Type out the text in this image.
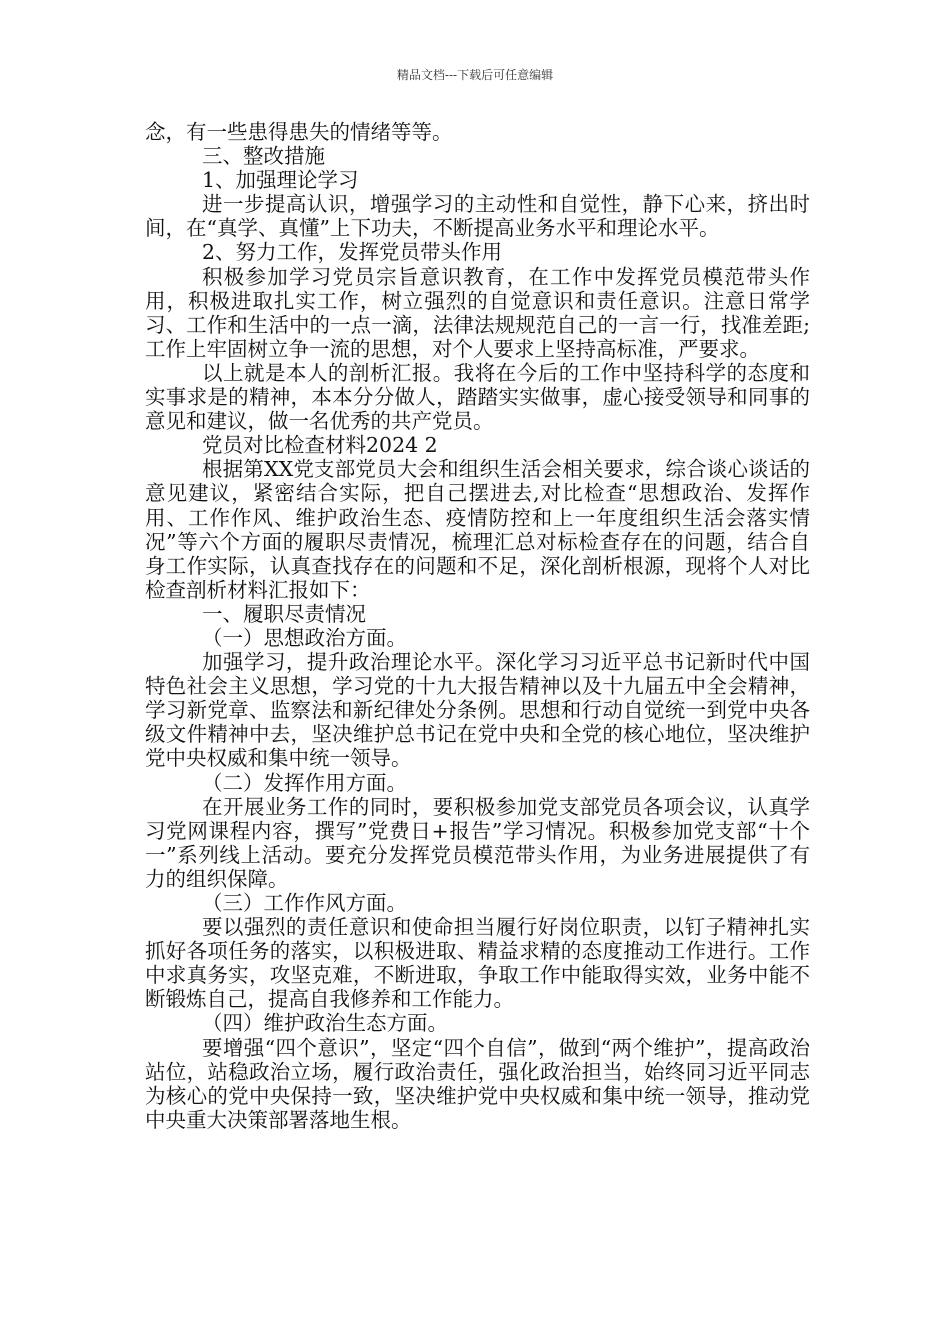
精品文档---下载后可任意编辑

念，有一些患得患失的情绪等等。

三、整改措施

1、加强理论学习

进一步提高认识，增强学习的主动性和自觉性，静下心来，挤出时间，在“真学、真懂”上下功夫，不断提高业务水平和理论水平。

2、努力工作，发挥党员带头作用

积极参加学习党员宗旨意识教育，在工作中发挥党员模范带头作用，积极进取扎实工作，树立强烈的自觉意识和责任意识。注意日常学习、工作和生活中的一点一滴，法律法规规范自己的一言一行，找准差距;工作上牢固树立争一流的思想，对个人要求上坚持高标准，严要求。

以上就是本人的剖析汇报。我将在今后的工作中坚持科学的态度和实事求是的精神，本本分分做人，踏踏实实做事，虚心接受领导和同事的意见和建议，做一名优秀的共产党员。

党员对比检查材料2024 2

根据第XX党支部党员大会和组织生活会相关要求，综合谈心谈话的意见建议，紧密结合实际，把自己摆进去,对比检查“思想政治、发挥作用、工作作风、维护政治生态、疫情防控和上一年度组织生活会落实情况”等六个方面的履职尽责情况，梳理汇总对标检查存在的问题，结合自身工作实际，认真查找存在的问题和不足，深化剖析根源，现将个人对比检查剖析材料汇报如下：

一、履职尽责情况

（一）思想政治方面。

加强学习，提升政治理论水平。深化学习习近平总书记新时代中国特色社会主义思想，学习党的十九大报告精神以及十九届五中全会精神，学习新党章、监察法和新纪律处分条例。思想和行动自觉统一到党中央各级文件精神中去，坚决维护总书记在党中央和全党的核心地位，坚决维护党中央权威和集中统一领导。

（二）发挥作用方面。

在开展业务工作的同时，要积极参加党支部党员各项会议，认真学习党网课程内容，撰写”党费日+报告”学习情况。积极参加党支部“十个一”系列线上活动。要充分发挥党员模范带头作用，为业务进展提供了有力的组织保障。

（三）工作作风方面。

要以强烈的责任意识和使命担当履行好岗位职责，以钉子精神扎实抓好各项任务的落实，以积极进取、精益求精的态度推动工作进行。工作中求真务实，攻坚克难，不断进取，争取工作中能取得实效，业务中能不断锻炼自己，提高自我修养和工作能力。

（四）维护政治生态方面。

要增强“四个意识”，坚定“四个自信”，做到“两个维护”，提高政治站位，站稳政治立场，履行政治责任，强化政治担当，始终同习近平同志为核心的党中央保持一致，坚决维护党中央权威和集中统一领导，推动党中央重大决策部署落地生根。
